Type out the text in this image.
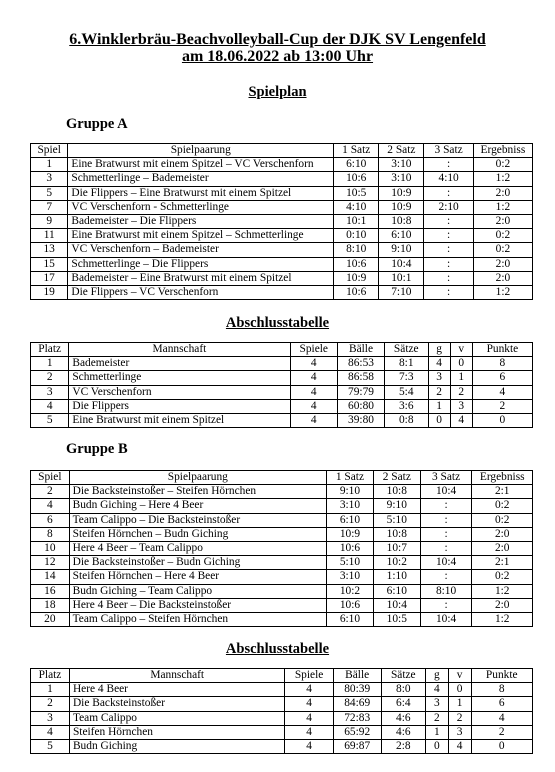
6.Winklerbräu-Beachvolleyball-Cup der DJK SV Lengenfeld
am 18.06.2022 ab 13:00 Uhr
Spielplan
Gruppe A
Spiel	Spielpaarung	1 Satz	2 Satz	3 Satz	Ergebniss
1	Eine Bratwurst mit einem Spitzel – VC Verschenforn	6:10	3:10	:	0:2
3	Schmetterlinge – Bademeister	10:6	3:10	4:10	1:2
5	Die Flippers – Eine Bratwurst mit einem Spitzel	10:5	10:9	:	2:0
7	VC Verschenforn - Schmetterlinge	4:10	10:9	2:10	1:2
9	Bademeister – Die Flippers	10:1	10:8	:	2:0
11	Eine Bratwurst mit einem Spitzel – Schmetterlinge	0:10	6:10	:	0:2
13	VC Verschenforn – Bademeister	8:10	9:10	:	0:2
15	Schmetterlinge – Die Flippers	10:6	10:4	:	2:0
17	Bademeister – Eine Bratwurst mit einem Spitzel	10:9	10:1	:	2:0
19	Die Flippers – VC Verschenforn	10:6	7:10	:	1:2
Abschlusstabelle
Platz	Mannschaft	Spiele	Bälle	Sätze	g	v	Punkte
1	Bademeister	4	86:53	8:1	4	0	8
2	Schmetterlinge	4	86:58	7:3	3	1	6
3	VC Verschenforn	4	79:79	5:4	2	2	4
4	Die Flippers	4	60:80	3:6	1	3	2
5	Eine Bratwurst mit einem Spitzel	4	39:80	0:8	0	4	0
Gruppe B
Spiel	Spielpaarung	1 Satz	2 Satz	3 Satz	Ergebniss
2	Die Backsteinstoßer – Steifen Hörnchen	9:10	10:8	10:4	2:1
4	Budn Giching – Here 4 Beer	3:10	9:10	:	0:2
6	Team Calippo – Die Backsteinstoßer	6:10	5:10	:	0:2
8	Steifen Hörnchen – Budn Giching	10:9	10:8	:	2:0
10	Here 4 Beer – Team Calippo	10:6	10:7	:	2:0
12	Die Backsteinstoßer – Budn Giching	5:10	10:2	10:4	2:1
14	Steifen Hörnchen – Here 4 Beer	3:10	1:10	:	0:2
16	Budn Giching – Team Calippo	10:2	6:10	8:10	1:2
18	Here 4 Beer – Die Backsteinstoßer	10:6	10:4	:	2:0
20	Team Calippo – Steifen Hörnchen	6:10	10:5	10:4	1:2
Abschlusstabelle
Platz	Mannschaft	Spiele	Bälle	Sätze	g	v	Punkte
1	Here 4 Beer	4	80:39	8:0	4	0	8
2	Die Backsteinstoßer	4	84:69	6:4	3	1	6
3	Team Calippo	4	72:83	4:6	2	2	4
4	Steifen Hörnchen	4	65:92	4:6	1	3	2
5	Budn Giching	4	69:87	2:8	0	4	0
